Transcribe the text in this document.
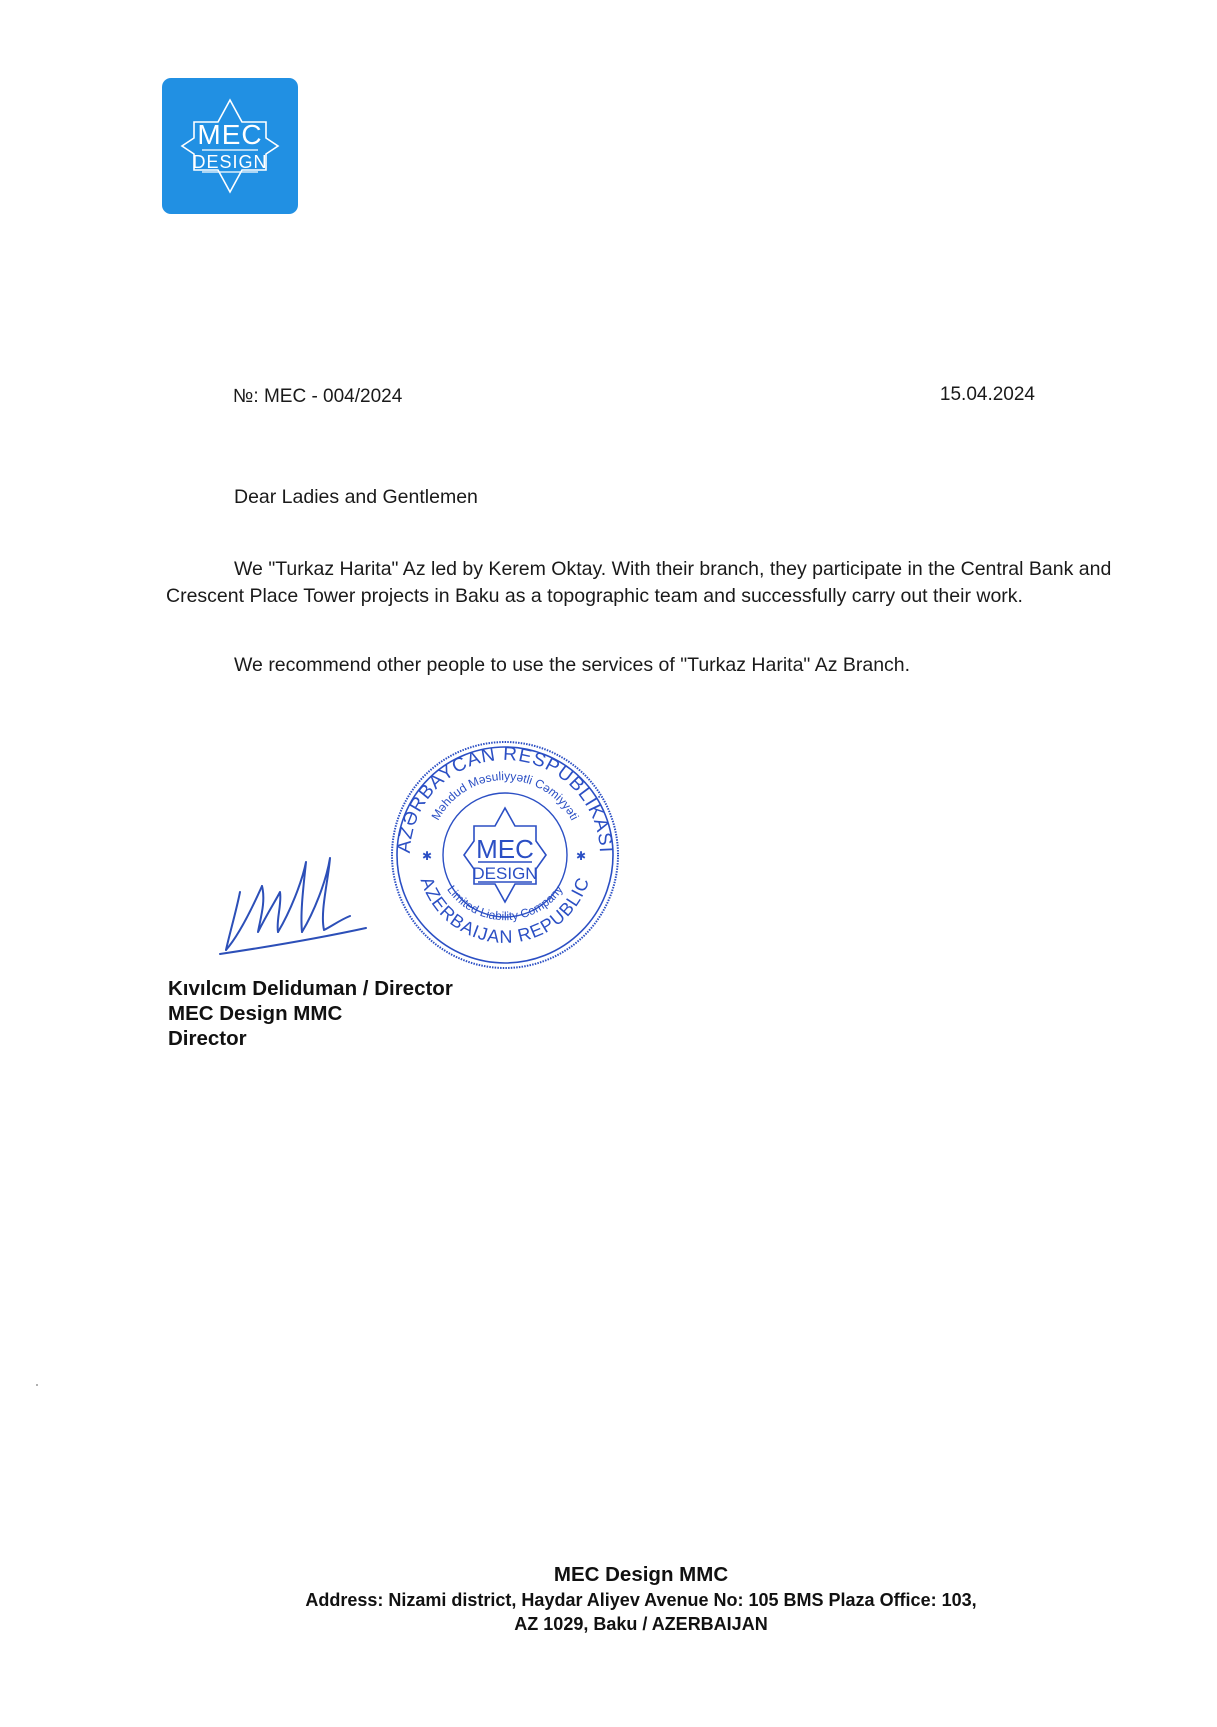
MEC
DESIGN
№: MEC - 004/2024	15.04.2024
Dear Ladies and Gentlemen

We "Turkaz Harita" Az led by Kerem Oktay. With their branch, they participate in the Central Bank and Crescent Place Tower projects in Baku as a topographic team and successfully carry out their work.

We recommend other people to use the services of "Turkaz Harita" Az Branch.

AZƏRBAYCAN RESPUBLİKASI
Məhdud Məsuliyyətli Cəmiyyəti
Limited Liability Company
AZERBAIJAN REPUBLIC
✱	✱
MEC
DESIGN
Kıvılcım Deliduman / Director
MEC Design MMC
Director
MEC Design MMC
Address: Nizami district, Haydar Aliyev Avenue No: 105 BMS Plaza Office: 103,
AZ 1029, Baku / AZERBAIJAN
